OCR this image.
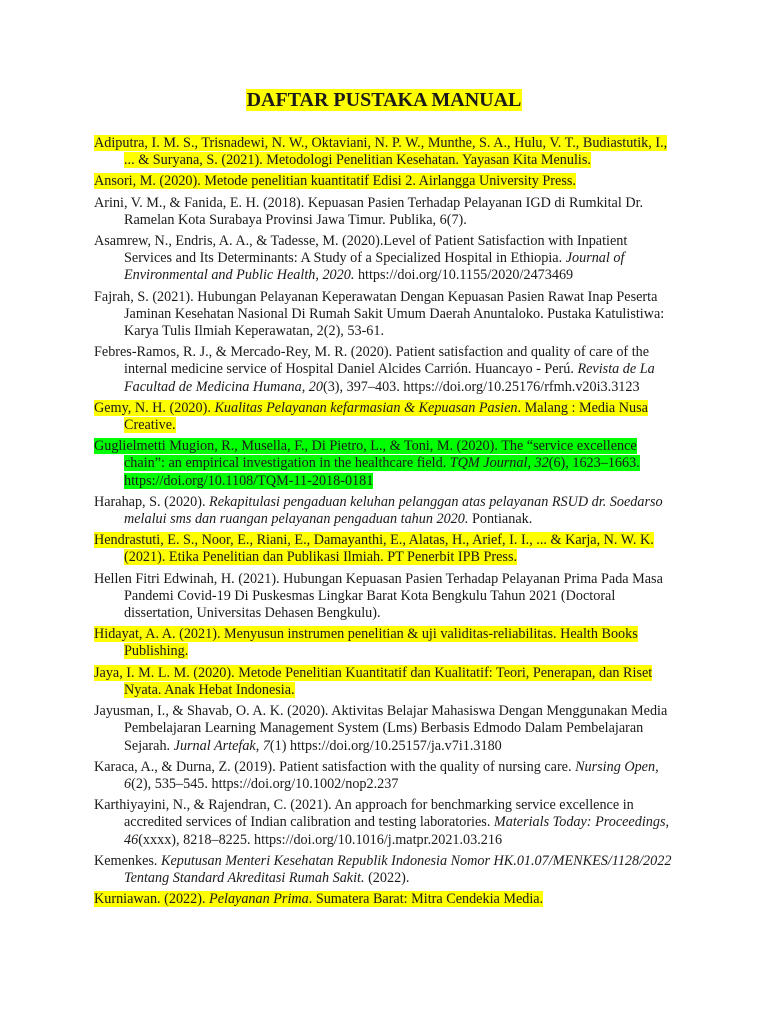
DAFTAR PUSTAKA MANUAL

Adiputra, I. M. S., Trisnadewi, N. W., Oktaviani, N. P. W., Munthe, S. A., Hulu, V. T., Budiastutik, I., ... & Suryana, S. (2021). Metodologi Penelitian Kesehatan. Yayasan Kita Menulis.

Ansori, M. (2020). Metode penelitian kuantitatif Edisi 2. Airlangga University Press.

Arini, V. M., & Fanida, E. H. (2018). Kepuasan Pasien Terhadap Pelayanan IGD di Rumkital Dr. Ramelan Kota Surabaya Provinsi Jawa Timur. Publika, 6(7).

Asamrew, N., Endris, A. A., & Tadesse, M. (2020).Level of Patient Satisfaction with Inpatient Services and Its Determinants: A Study of a Specialized Hospital in Ethiopia. Journal of Environmental and Public Health, 2020. https://doi.org/10.1155/2020/2473469

Fajrah, S. (2021). Hubungan Pelayanan Keperawatan Dengan Kepuasan Pasien Rawat Inap Peserta Jaminan Kesehatan Nasional Di Rumah Sakit Umum Daerah Anuntaloko. Pustaka Katulistiwa: Karya Tulis Ilmiah Keperawatan, 2(2), 53-61.

Febres-Ramos, R. J., & Mercado-Rey, M. R. (2020). Patient satisfaction and quality of care of the internal medicine service of Hospital Daniel Alcides Carrión. Huancayo - Perú. Revista de La Facultad de Medicina Humana, 20(3), 397–403. https://doi.org/10.25176/rfmh.v20i3.3123

Gemy, N. H. (2020). Kualitas Pelayanan kefarmasian & Kepuasan Pasien. Malang : Media Nusa Creative.

Guglielmetti Mugion, R., Musella, F., Di Pietro, L., & Toni, M. (2020). The “service excellence chain”: an empirical investigation in the healthcare field. TQM Journal, 32(6), 1623–1663. https://doi.org/10.1108/TQM-11-2018-0181

Harahap, S. (2020). Rekapitulasi pengaduan keluhan pelanggan atas pelayanan RSUD dr. Soedarso melalui sms dan ruangan pelayanan pengaduan tahun 2020. Pontianak.

Hendrastuti, E. S., Noor, E., Riani, E., Damayanthi, E., Alatas, H., Arief, I. I., ... & Karja, N. W. K. (2021). Etika Penelitian dan Publikasi Ilmiah. PT Penerbit IPB Press.

Hellen Fitri Edwinah, H. (2021). Hubungan Kepuasan Pasien Terhadap Pelayanan Prima Pada Masa Pandemi Covid-19 Di Puskesmas Lingkar Barat Kota Bengkulu Tahun 2021 (Doctoral dissertation, Universitas Dehasen Bengkulu).

Hidayat, A. A. (2021). Menyusun instrumen penelitian & uji validitas-reliabilitas. Health Books Publishing.

Jaya, I. M. L. M. (2020). Metode Penelitian Kuantitatif dan Kualitatif: Teori, Penerapan, dan Riset Nyata. Anak Hebat Indonesia.

Jayusman, I., & Shavab, O. A. K. (2020). Aktivitas Belajar Mahasiswa Dengan Menggunakan Media Pembelajaran Learning Management System (Lms) Berbasis Edmodo Dalam Pembelajaran Sejarah. Jurnal Artefak, 7(1) https://doi.org/10.25157/ja.v7i1.3180

Karaca, A., & Durna, Z. (2019). Patient satisfaction with the quality of nursing care. Nursing Open, 6(2), 535–545. https://doi.org/10.1002/nop2.237

Karthiyayini, N., & Rajendran, C. (2021). An approach for benchmarking service excellence in accredited services of Indian calibration and testing laboratories. Materials Today: Proceedings, 46(xxxx), 8218–8225. https://doi.org/10.1016/j.matpr.2021.03.216

Kemenkes. Keputusan Menteri Kesehatan Republik Indonesia Nomor HK.01.07/MENKES/1128/2022 Tentang Standard Akreditasi Rumah Sakit. (2022).

Kurniawan. (2022). Pelayanan Prima. Sumatera Barat: Mitra Cendekia Media.
